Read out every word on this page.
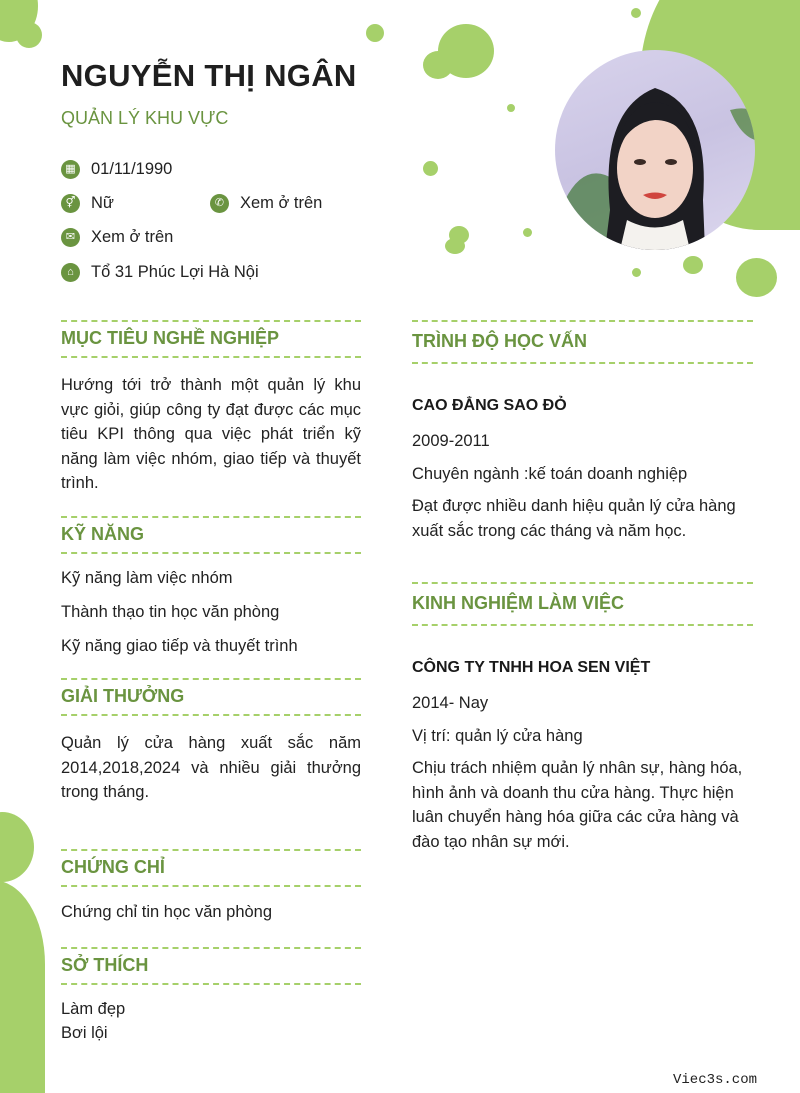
NGUYỄN THỊ NGÂN
QUẢN LÝ KHU VỰC
▦ 01/11/1990
⚥ Nữ	✆ Xem ở trên
✉ Xem ở trên
⌂	Tổ 31 Phúc Lợi Hà Nội
MỤC TIÊU NGHỀ NGHIỆP
Hướng tới trở thành một quản lý khu vực giỏi, giúp công ty đạt được các mục tiêu KPI thông qua việc phát triển kỹ năng làm việc nhóm, giao tiếp và thuyết trình.
KỸ NĂNG
Kỹ năng làm việc nhóm
Thành thạo tin học văn phòng
Kỹ năng giao tiếp và thuyết trình
GIẢI THƯỞNG
Quản lý cửa hàng xuất sắc năm 2014,2018,2024 và nhiều giải thưởng trong tháng.
CHỨNG CHỈ
Chứng chỉ tin học văn phòng
SỞ THÍCH
Làm đẹp
Bơi lội
TRÌNH ĐỘ HỌC VẤN
CAO ĐẲNG SAO ĐỎ
2009-2011
Chuyên ngành :kế toán doanh nghiệp
Đạt được nhiều danh hiệu quản lý cửa hàng xuất sắc trong các tháng và năm học.
KINH NGHIỆM LÀM VIỆC
CÔNG TY TNHH HOA SEN VIỆT
2014- Nay
Vị trí: quản lý cửa hàng
Chịu trách nhiệm quản lý nhân sự, hàng hóa, hình ảnh và doanh thu cửa hàng. Thực hiện luân chuyển hàng hóa giữa các cửa hàng và đào tạo nhân sự mới.
Viec3s.com
